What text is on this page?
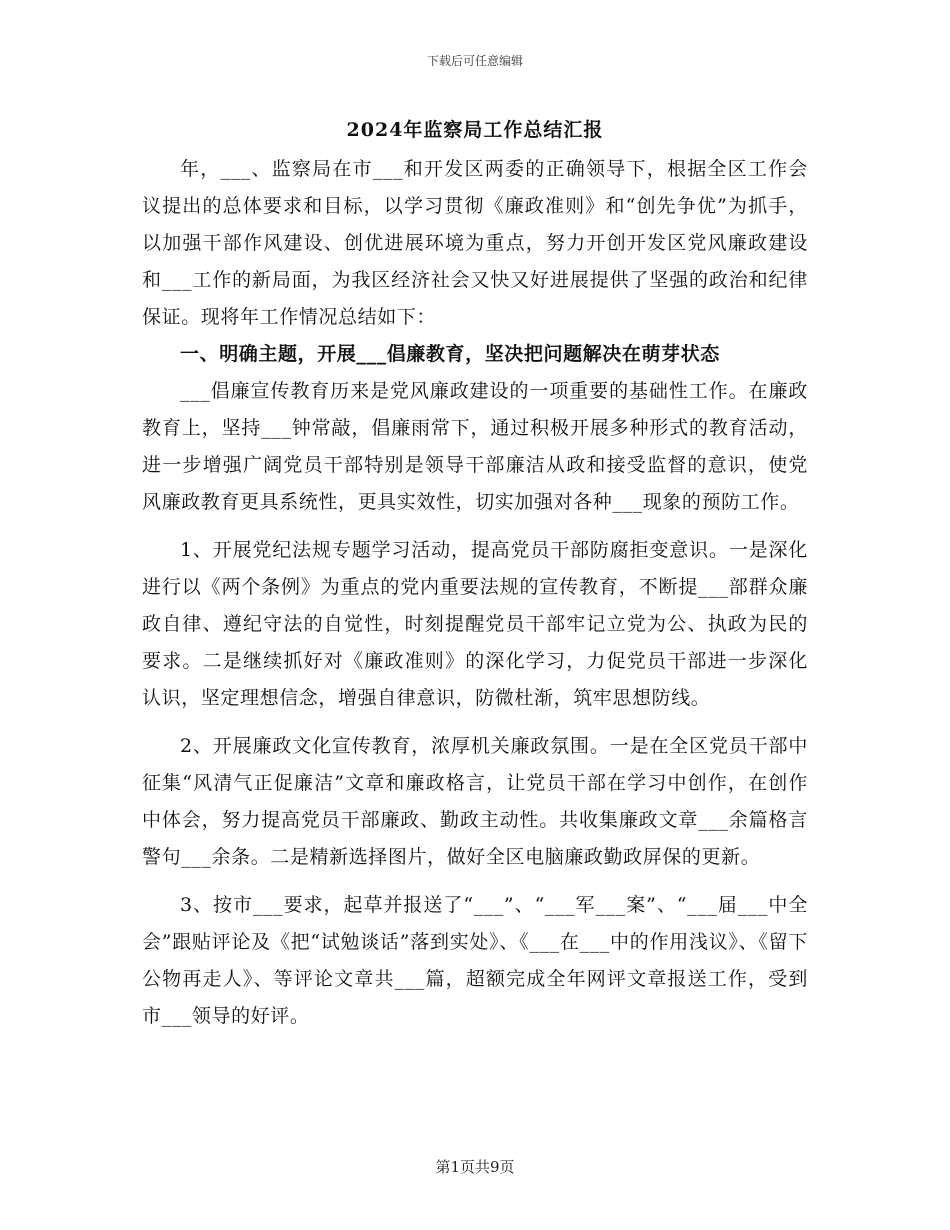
下载后可任意编辑
2024年监察局工作总结汇报

年，___、监察局在市___和开发区两委的正确领导下，根据全区工作会议提出的总体要求和目标，以学习贯彻《廉政准则》和“创先争优”为抓手，以加强干部作风建设、创优进展环境为重点，努力开创开发区党风廉政建设和___工作的新局面，为我区经济社会又快又好进展提供了坚强的政治和纪律保证。现将年工作情况总结如下：

一、明确主题，开展___倡廉教育，坚决把问题解决在萌芽状态

___倡廉宣传教育历来是党风廉政建设的一项重要的基础性工作。在廉政教育上，坚持___钟常敲，倡廉雨常下，通过积极开展多种形式的教育活动，进一步增强广阔党员干部特别是领导干部廉洁从政和接受监督的意识，使党风廉政教育更具系统性，更具实效性，切实加强对各种___现象的预防工作。

1、开展党纪法规专题学习活动，提高党员干部防腐拒变意识。一是深化进行以《两个条例》为重点的党内重要法规的宣传教育，不断提___部群众廉政自律、遵纪守法的自觉性，时刻提醒党员干部牢记立党为公、执政为民的要求。二是继续抓好对《廉政准则》的深化学习，力促党员干部进一步深化认识，坚定理想信念，增强自律意识，防微杜渐，筑牢思想防线。

2、开展廉政文化宣传教育，浓厚机关廉政氛围。一是在全区党员干部中征集“风清气正促廉洁”文章和廉政格言，让党员干部在学习中创作，在创作中体会，努力提高党员干部廉政、勤政主动性。共收集廉政文章___余篇格言警句___余条。二是精新选择图片，做好全区电脑廉政勤政屏保的更新。

3、按市___要求，起草并报送了“___”、“___军___案”、“___届___中全会”跟贴评论及《把“试勉谈话”落到实处》、《___在___中的作用浅议》、《留下公物再走人》、等评论文章共___篇，超额完成全年网评文章报送工作，受到市___领导的好评。

第1页共9页
